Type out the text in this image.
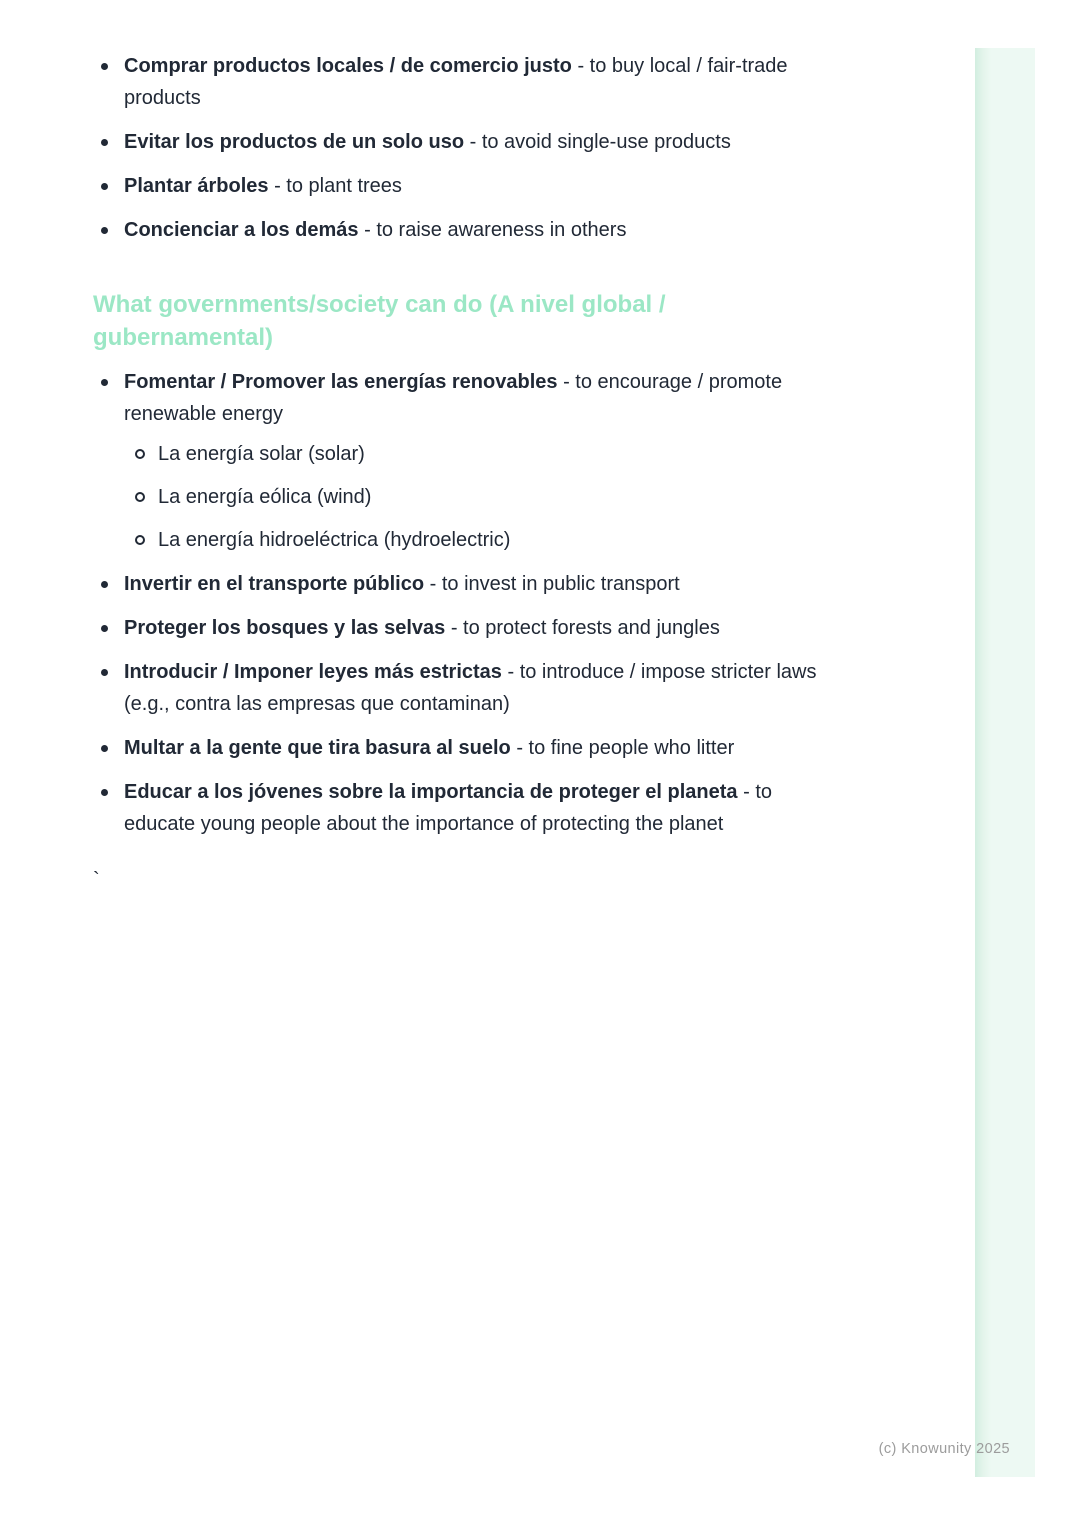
Comprar productos locales / de comercio justo - to buy local / fair-trade products
Evitar los productos de un solo uso - to avoid single-use products
Plantar árboles - to plant trees
Concienciar a los demás - to raise awareness in others
What governments/society can do (A nivel global / gubernamental)
Fomentar / Promover las energías renovables - to encourage / promote renewable energy
La energía solar (solar)
La energía eólica (wind)
La energía hidroeléctrica (hydroelectric)
Invertir en el transporte público - to invest in public transport
Proteger los bosques y las selvas - to protect forests and jungles
Introducir / Imponer leyes más estrictas - to introduce / impose stricter laws (e.g., contra las empresas que contaminan)
Multar a la gente que tira basura al suelo - to fine people who litter
Educar a los jóvenes sobre la importancia de proteger el planeta - to educate young people about the importance of protecting the planet

`

(c) Knowunity 2025
